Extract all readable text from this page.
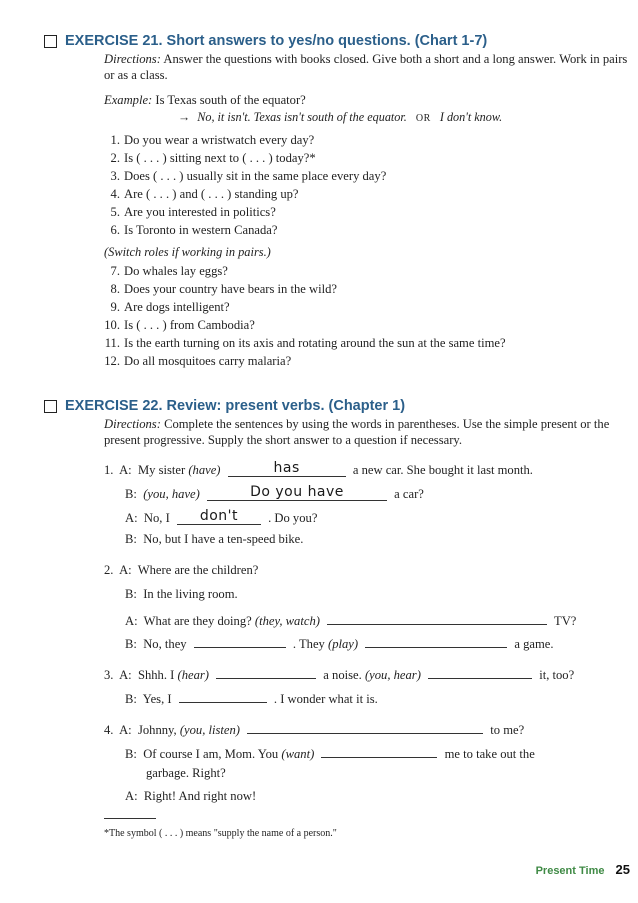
EXERCISE 21. Short answers to yes/no questions. (Chart 1-7)
Directions: Answer the questions with books closed. Give both a short and a long answer. Work in pairs or as a class.
Example: Is Texas south of the equator?
→ No, it isn't. Texas isn't south of the equator. OR I don't know.
1. Do you wear a wristwatch every day?
2. Is ( . . . ) sitting next to ( . . . ) today?*
3. Does ( . . . ) usually sit in the same place every day?
4. Are ( . . . ) and ( . . . ) standing up?
5. Are you interested in politics?
6. Is Toronto in western Canada?
(Switch roles if working in pairs.)
7. Do whales lay eggs?
8. Does your country have bears in the wild?
9. Are dogs intelligent?
10. Is ( . . . ) from Cambodia?
11. Is the earth turning on its axis and rotating around the sun at the same time?
12. Do all mosquitoes carry malaria?
EXERCISE 22. Review: present verbs. (Chapter 1)
Directions: Complete the sentences by using the words in parentheses. Use the simple present or the present progressive. Supply the short answer to a question if necessary.
1. A: My sister (have)	has	a new car. She bought it last month.
B: (you, have)	Do you have	a car?
A: No, I don't . Do you?
B: No, but I have a ten-speed bike.
2. A: Where are the children?
B: In the living room.
A: What are they doing? (they, watch)	TV?
B: No, they	. They (play)	a game.
3. A: Shhh. I (hear)	a noise. (you, hear)	it, too?
B: Yes, I	. I wonder what it is.
4. A: Johnny, (you, listen)	to me?
B: Of course I am, Mom. You (want)	me to take out the
garbage. Right?
A: Right! And right now!
*The symbol ( . . . ) means "supply the name of a person."
Present Time 25
